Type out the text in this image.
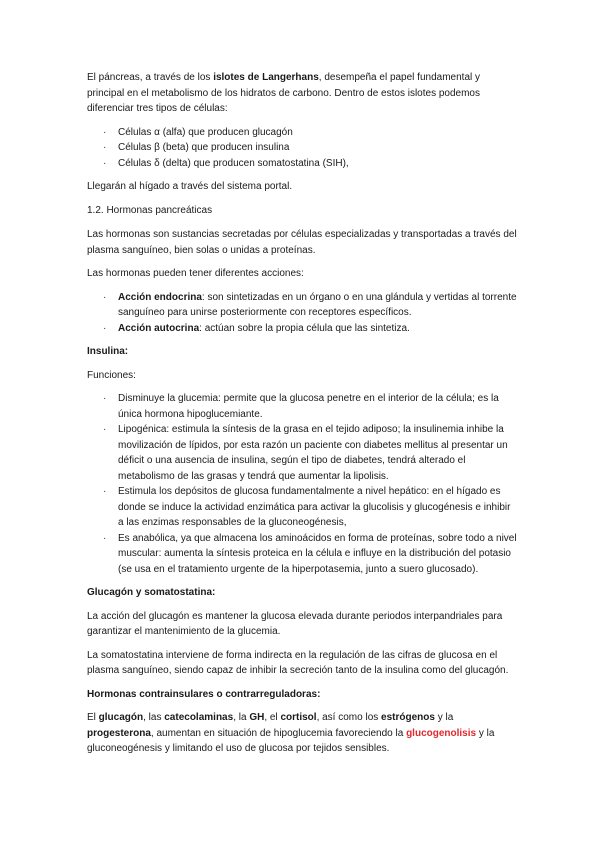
El páncreas, a través de los islotes de Langerhans, desempeña el papel fundamental y principal en el metabolismo de los hidratos de carbono. Dentro de estos islotes podemos diferenciar tres tipos de células:

· Células α (alfa) que producen glucagón
· Células β (beta) que producen insulina
· Células δ (delta) que producen somatostatina (SIH),

Llegarán al hígado a través del sistema portal.

1.2. Hormonas pancreáticas

Las hormonas son sustancias secretadas por células especializadas y transportadas a través del plasma sanguíneo, bien solas o unidas a proteínas.

Las hormonas pueden tener diferentes acciones:

· Acción endocrina: son sintetizadas en un órgano o en una glándula y vertidas al torrente sanguíneo para unirse posteriormente con receptores específicos.
· Acción autocrina: actúan sobre la propia célula que las sintetiza.

Insulina:

Funciones:

· Disminuye la glucemia: permite que la glucosa penetre en el interior de la célula; es la única hormona hipoglucemiante.
· Lipogénica: estimula la síntesis de la grasa en el tejido adiposo; la insulinemia inhibe la movilización de lípidos, por esta razón un paciente con diabetes mellitus al presentar un déficit o una ausencia de insulina, según el tipo de diabetes, tendrá alterado el metabolismo de las grasas y tendrá que aumentar la lipolisis.
· Estimula los depósitos de glucosa fundamentalmente a nivel hepático: en el hígado es donde se induce la actividad enzimática para activar la glucolisis y glucogénesis e inhibir a las enzimas responsables de la gluconeogénesis,
· Es anabólica, ya que almacena los aminoácidos en forma de proteínas, sobre todo a nivel muscular: aumenta la síntesis proteica en la célula e influye en la distribución del potasio (se usa en el tratamiento urgente de la hiperpotasemia, junto a suero glucosado).

Glucagón y somatostatina:

La acción del glucagón es mantener la glucosa elevada durante periodos interpandriales para garantizar el mantenimiento de la glucemia.

La somatostatina interviene de forma indirecta en la regulación de las cifras de glucosa en el plasma sanguíneo, siendo capaz de inhibir la secreción tanto de la insulina como del glucagón.

Hormonas contrainsulares o contrarreguladoras:

El glucagón, las catecolaminas, la GH, el cortisol, así como los estrógenos y la progesterona, aumentan en situación de hipoglucemia favoreciendo la glucogenolisis y la gluconeogénesis y limitando el uso de glucosa por tejidos sensibles.
